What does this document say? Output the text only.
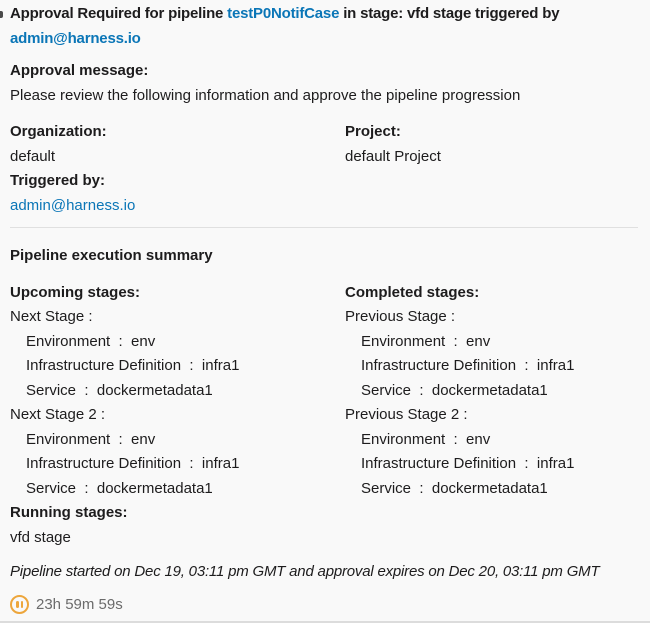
Approval Required for pipeline testP0NotifCase in stage: vfd stage triggered by admin@harness.io

Approval message:
Please review the following information and approve the pipeline progression
Organization:
default
Project:
default Project
Triggered by:
admin@harness.io
Pipeline execution summary
Upcoming stages:
Next Stage :
Environment  :  env
Infrastructure Definition  :  infra1
Service  :  dockermetadata1
Next Stage 2 :
Environment  :  env
Infrastructure Definition  :  infra1
Service  :  dockermetadata1
Completed stages:
Previous Stage :
Environment  :  env
Infrastructure Definition  :  infra1
Service  :  dockermetadata1
Previous Stage 2 :
Environment  :  env
Infrastructure Definition  :  infra1
Service  :  dockermetadata1
Running stages:
vfd stage
Pipeline started on Dec 19, 03:11 pm GMT and approval expires on Dec 20, 03:11 pm GMT
23h 59m 59s
